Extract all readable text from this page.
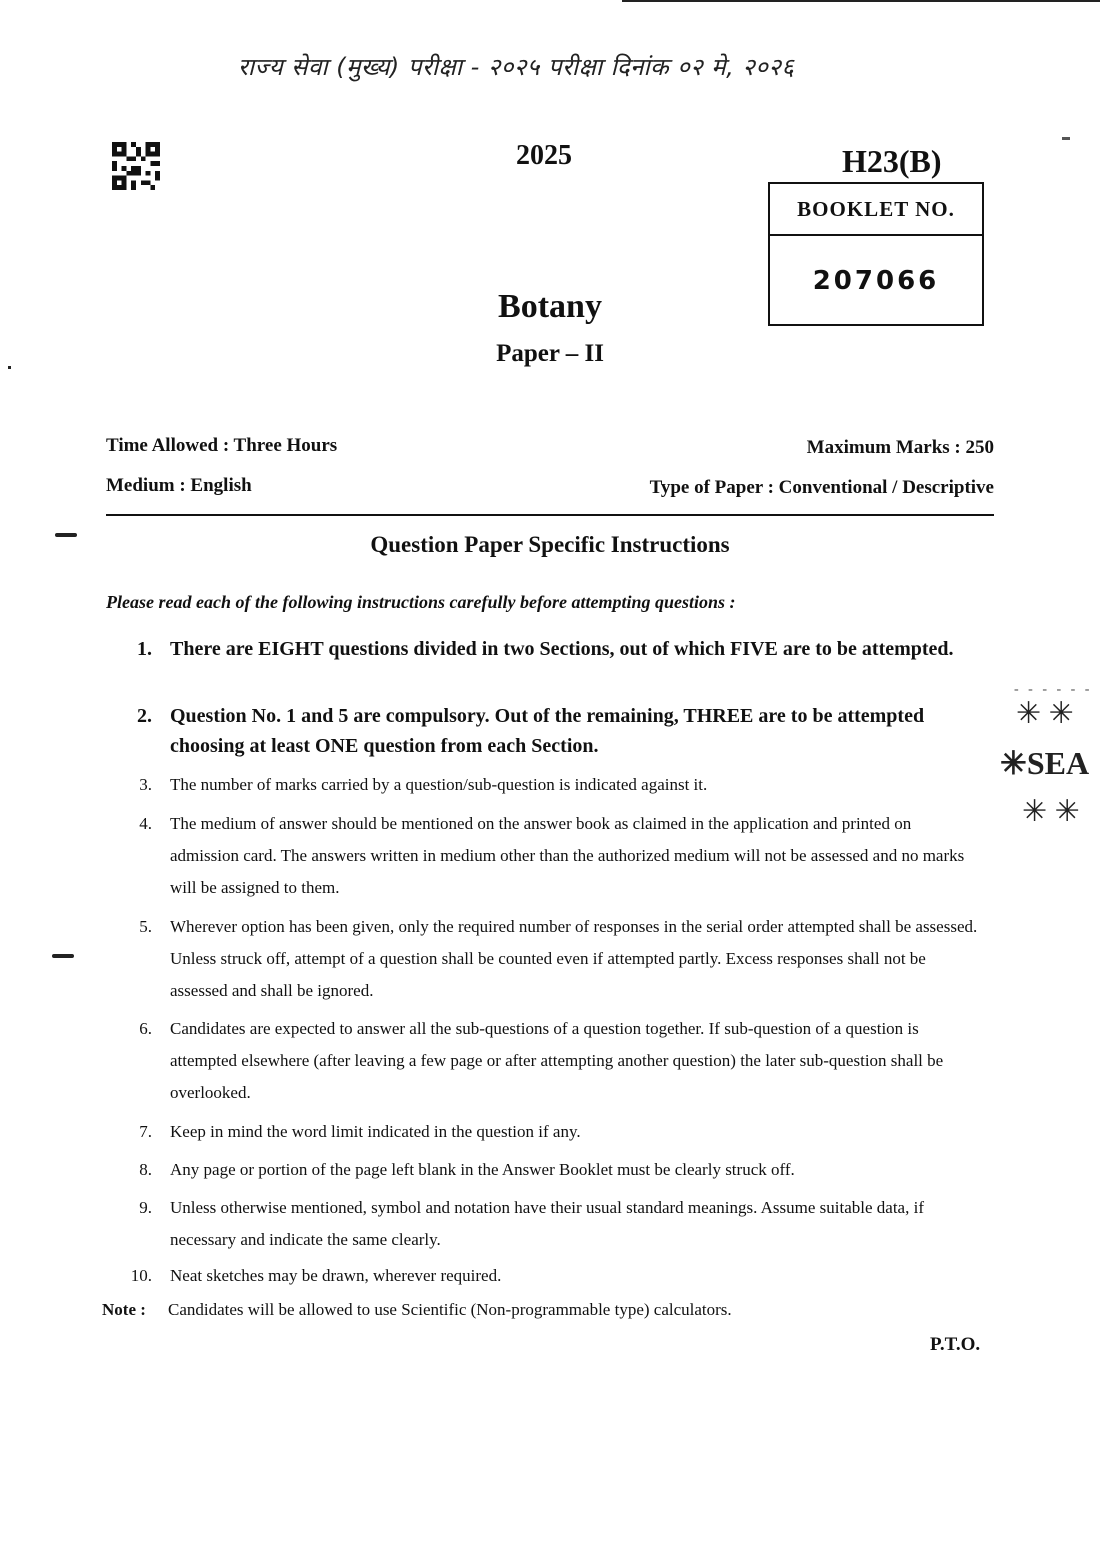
राज्य सेवा (मुख्य) परीक्षा - २०२५ परीक्षा दिनांक ०२ मे, २०२६
2025	H23(B)
BOOKLET NO.
207066
Botany
Paper – II
Time Allowed : Three Hours	Maximum Marks : 250
Medium : English	Type of Paper : Conventional / Descriptive
Question Paper Specific Instructions
Please read each of the following instructions carefully before attempting questions :
1. There are EIGHT questions divided in two Sections, out of which FIVE are to be attempted.
2. Question No. 1 and 5 are compulsory. Out of the remaining, THREE are to be attempted choosing at least ONE question from each Section.
3.	The number of marks carried by a question/sub-question is indicated against it.
4.	The medium of answer should be mentioned on the answer book as claimed in the application and printed on admission card. The answers written in medium other than the authorized medium will not be assessed and no marks will be assigned to them.
5.	Wherever option has been given, only the required number of responses in the serial order attempted shall be assessed. Unless struck off, attempt of a question shall be counted even if attempted partly. Excess responses shall not be assessed and shall be ignored.
6.	Candidates are expected to answer all the sub-questions of a question together. If sub-question of a question is attempted elsewhere (after leaving a few page or after attempting another question) the later sub-question shall be overlooked.
7.	Keep in mind the word limit indicated in the question if any.
8.	Any page or portion of the page left blank in the Answer Booklet must be clearly struck off.
9.	Unless otherwise mentioned, symbol and notation have their usual standard meanings. Assume suitable data, if necessary and indicate the same clearly.
10.	Neat sketches may be drawn, wherever required.
Note :	Candidates will be allowed to use Scientific (Non-programmable type) calculators.
P.T.O.
- - - - - -
✳ ✳
✳SEA
✳ ✳
